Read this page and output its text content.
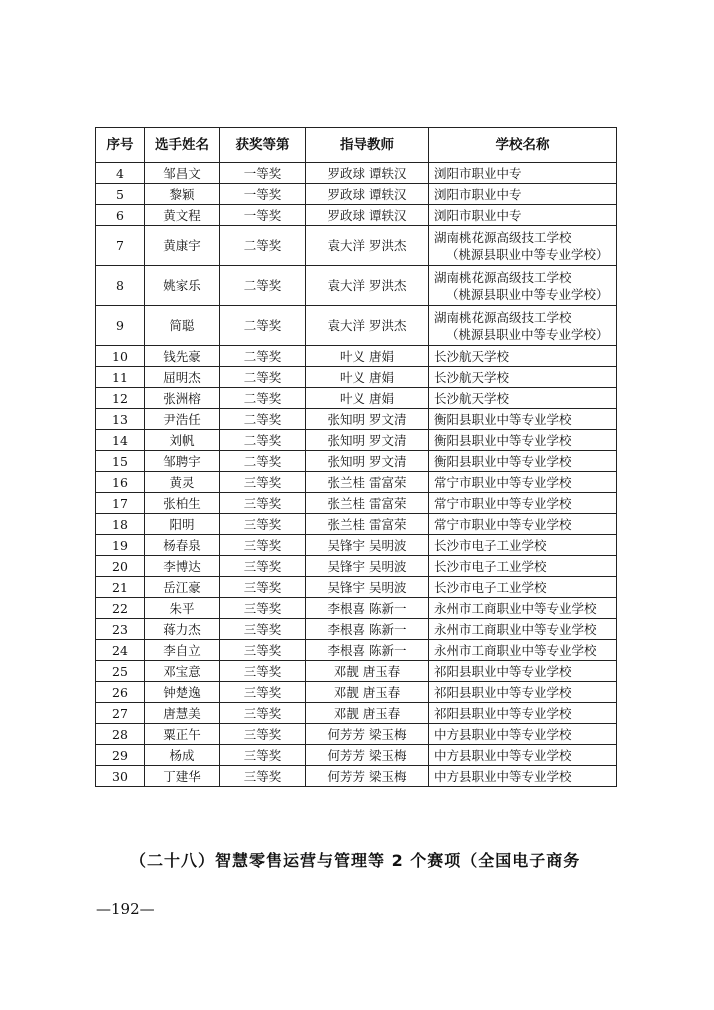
序号	选手姓名	获奖等第	指导教师	学校名称
4	邹昌文	一等奖	罗政球 谭轶汉	浏阳市职业中专

5	黎颖	一等奖	罗政球 谭轶汉	浏阳市职业中专

6	黄文程	一等奖	罗政球 谭轶汉	浏阳市职业中专

7	黄康宇	二等奖	袁大洋 罗洪杰	湖南桃花源高级技工学校
（桃源县职业中等专业学校）

8	姚家乐	二等奖	袁大洋 罗洪杰	湖南桃花源高级技工学校
（桃源县职业中等专业学校）

9	简聪	二等奖	袁大洋 罗洪杰	湖南桃花源高级技工学校
（桃源县职业中等专业学校）

10	钱先豪	二等奖	叶义 唐娟	长沙航天学校

11	屈明杰	二等奖	叶义 唐娟	长沙航天学校

12	张洲榕	二等奖	叶义 唐娟	长沙航天学校

13	尹浩任	二等奖	张知明 罗文清	衡阳县职业中等专业学校

14	刘帆	二等奖	张知明 罗文清	衡阳县职业中等专业学校

15	邹聘宇	二等奖	张知明 罗文清	衡阳县职业中等专业学校

16	黄灵	三等奖	张兰桂 雷富荣	常宁市职业中等专业学校

17	张柏生	三等奖	张兰桂 雷富荣	常宁市职业中等专业学校

18	阳明	三等奖	张兰桂 雷富荣	常宁市职业中等专业学校

19	杨春泉	三等奖	吴锋宇 吴明波	长沙市电子工业学校

20	李博达	三等奖	吴锋宇 吴明波	长沙市电子工业学校

21	岳江豪	三等奖	吴锋宇 吴明波	长沙市电子工业学校

22	朱平	三等奖	李根喜 陈新一	永州市工商职业中等专业学校

23	蒋力杰	三等奖	李根喜 陈新一	永州市工商职业中等专业学校

24	李自立	三等奖	李根喜 陈新一	永州市工商职业中等专业学校

25	邓宝意	三等奖	邓靓 唐玉春	祁阳县职业中等专业学校

26	钟楚逸	三等奖	邓靓 唐玉春	祁阳县职业中等专业学校

27	唐慧美	三等奖	邓靓 唐玉春	祁阳县职业中等专业学校

28	粟正午	三等奖	何芳芳 梁玉梅	中方县职业中等专业学校

29	杨成	三等奖	何芳芳 梁玉梅	中方县职业中等专业学校

30	丁建华	三等奖	何芳芳 梁玉梅	中方县职业中等专业学校
（二十八）智慧零售运营与管理等 2 个赛项（全国电子商务
—192—
